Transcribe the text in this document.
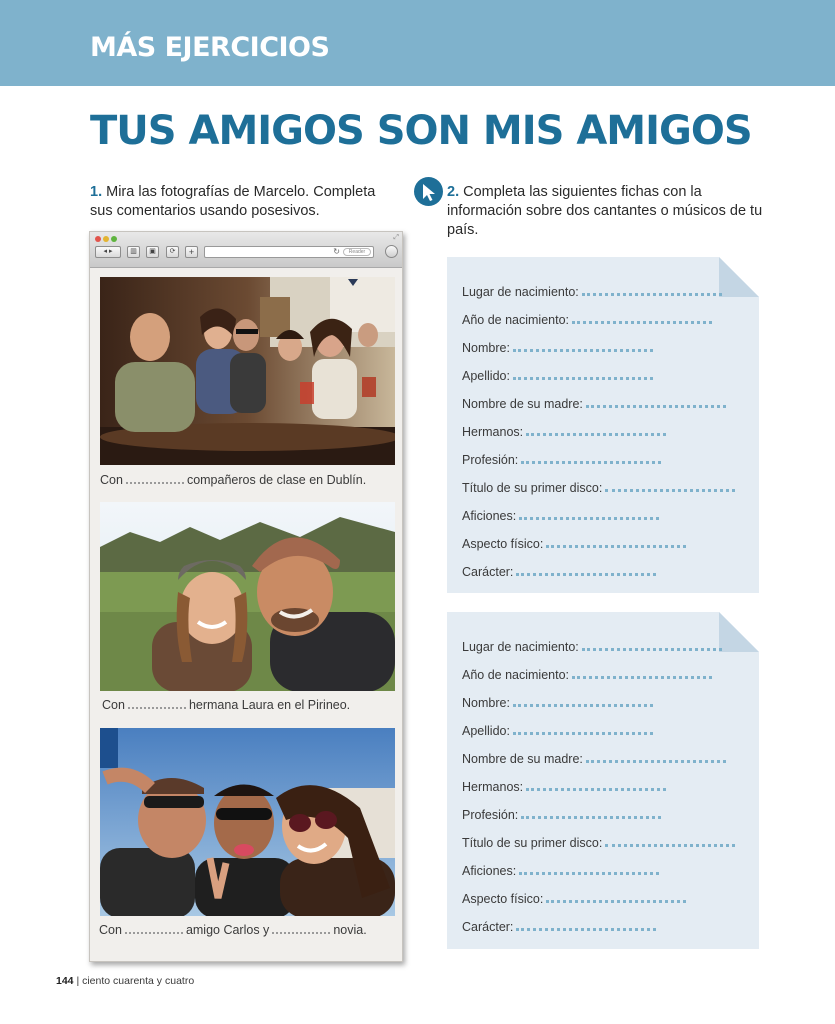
MÁS EJERCICIOS
TUS AMIGOS SON MIS AMIGOS
1. Mira las fotografías de Marcelo. Completa sus comentarios usando posesivos.
2. Completa las siguientes fichas con la información sobre dos cantantes o músicos de tu país.
⤢
◂ ▸	▥	▣	⟳	+	↻	Reader
Con	compañeros de clase en Dublín.
Con	hermana Laura en el Pirineo.
Con	amigo Carlos y	novia.
Lugar de nacimiento:
Año de nacimiento:
Nombre:
Apellido:
Nombre de su madre:
Hermanos:
Profesión:
Título de su primer disco:
Aficiones:
Aspecto físico:
Carácter:
Lugar de nacimiento:
Año de nacimiento:
Nombre:
Apellido:
Nombre de su madre:
Hermanos:
Profesión:
Título de su primer disco:
Aficiones:
Aspecto físico:
Carácter:
144 | ciento cuarenta y cuatro
